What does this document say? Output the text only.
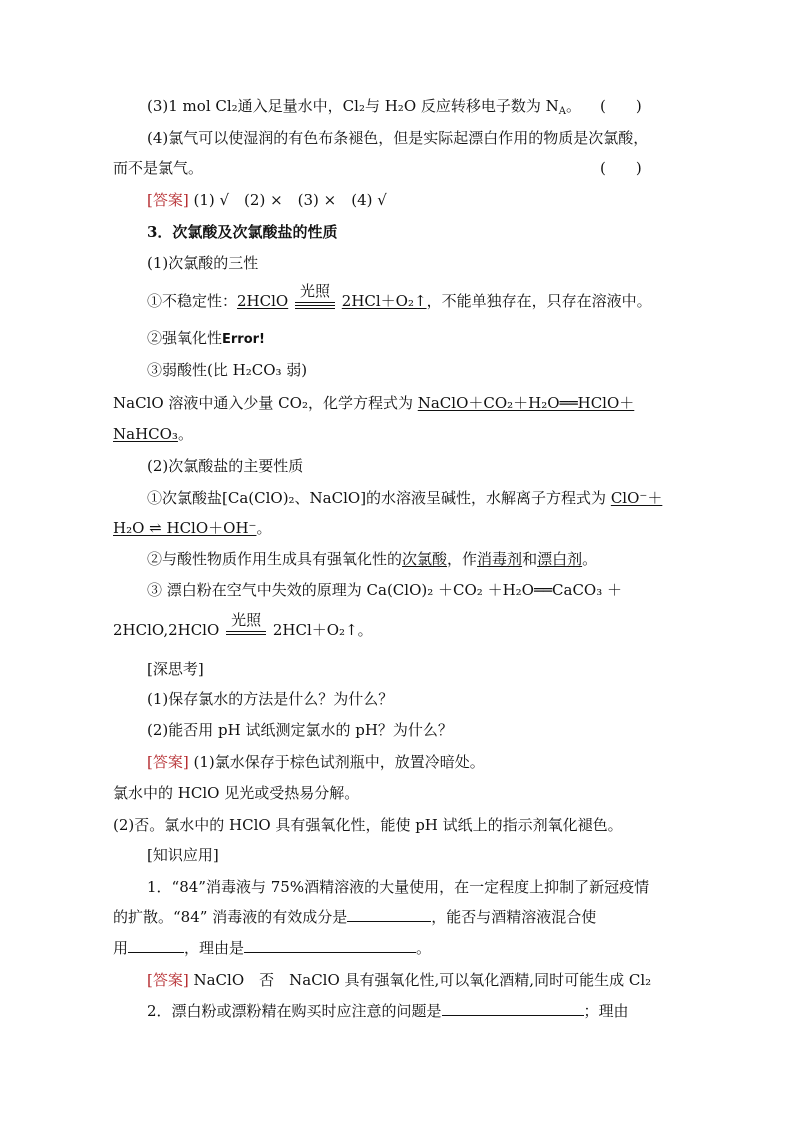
(3)1 mol Cl₂通入足量水中，Cl₂与 H₂O 反应转移电子数为 $N_A$。 (　　)
(4)氯气可以使湿润的有色布条褪色，但是实际起漂白作用的物质是次氯酸，
而不是氯气。	(　　)
[答案] (1) √　(2) ×　(3) ×　(4) √
3．次氯酸及次氯酸盐的性质
(1)次氯酸的三性
①不稳定性：2HClO
光照
2HCl＋O₂↑，不能单独存在，只存在溶液中。
②强氧化性Error!
③弱酸性(比 H₂CO₃ 弱)
NaClO 溶液中通入少量 CO₂，化学方程式为 NaClO＋CO₂＋H₂O══HClO＋
NaHCO₃。
(2)次氯酸盐的主要性质
①次氯酸盐[Ca(ClO)₂、NaClO]的水溶液呈碱性，水解离子方程式为 ClO⁻＋
H₂O ⇌ HClO＋OH⁻。
②与酸性物质作用生成具有强氧化性的次氯酸，作消毒剂和漂白剂。
③ 漂白粉在空气中失效的原理为 Ca(ClO)₂ ＋CO₂ ＋H₂O══CaCO₃ ＋
2HClO,2HClO
光照
2HCl＋O₂↑。
[深思考]
(1)保存氯水的方法是什么？为什么？
(2)能否用 pH 试纸测定氯水的 pH？为什么？
[答案] (1)氯水保存于棕色试剂瓶中，放置冷暗处。
氯水中的 HClO 见光或受热易分解。
(2)否。氯水中的 HClO 具有强氧化性，能使 pH 试纸上的指示剂氧化褪色。
[知识应用]
1．“84”消毒液与 75%酒精溶液的大量使用，在一定程度上抑制了新冠疫情
的扩散。“84” 消毒液的有效成分是	，能否与酒精溶液混合使
用	，理由是	。
[答案] NaClO　否　NaClO 具有强氧化性,可以氧化酒精,同时可能生成 Cl₂
2．漂白粉或漂粉精在购买时应注意的问题是	；理由
